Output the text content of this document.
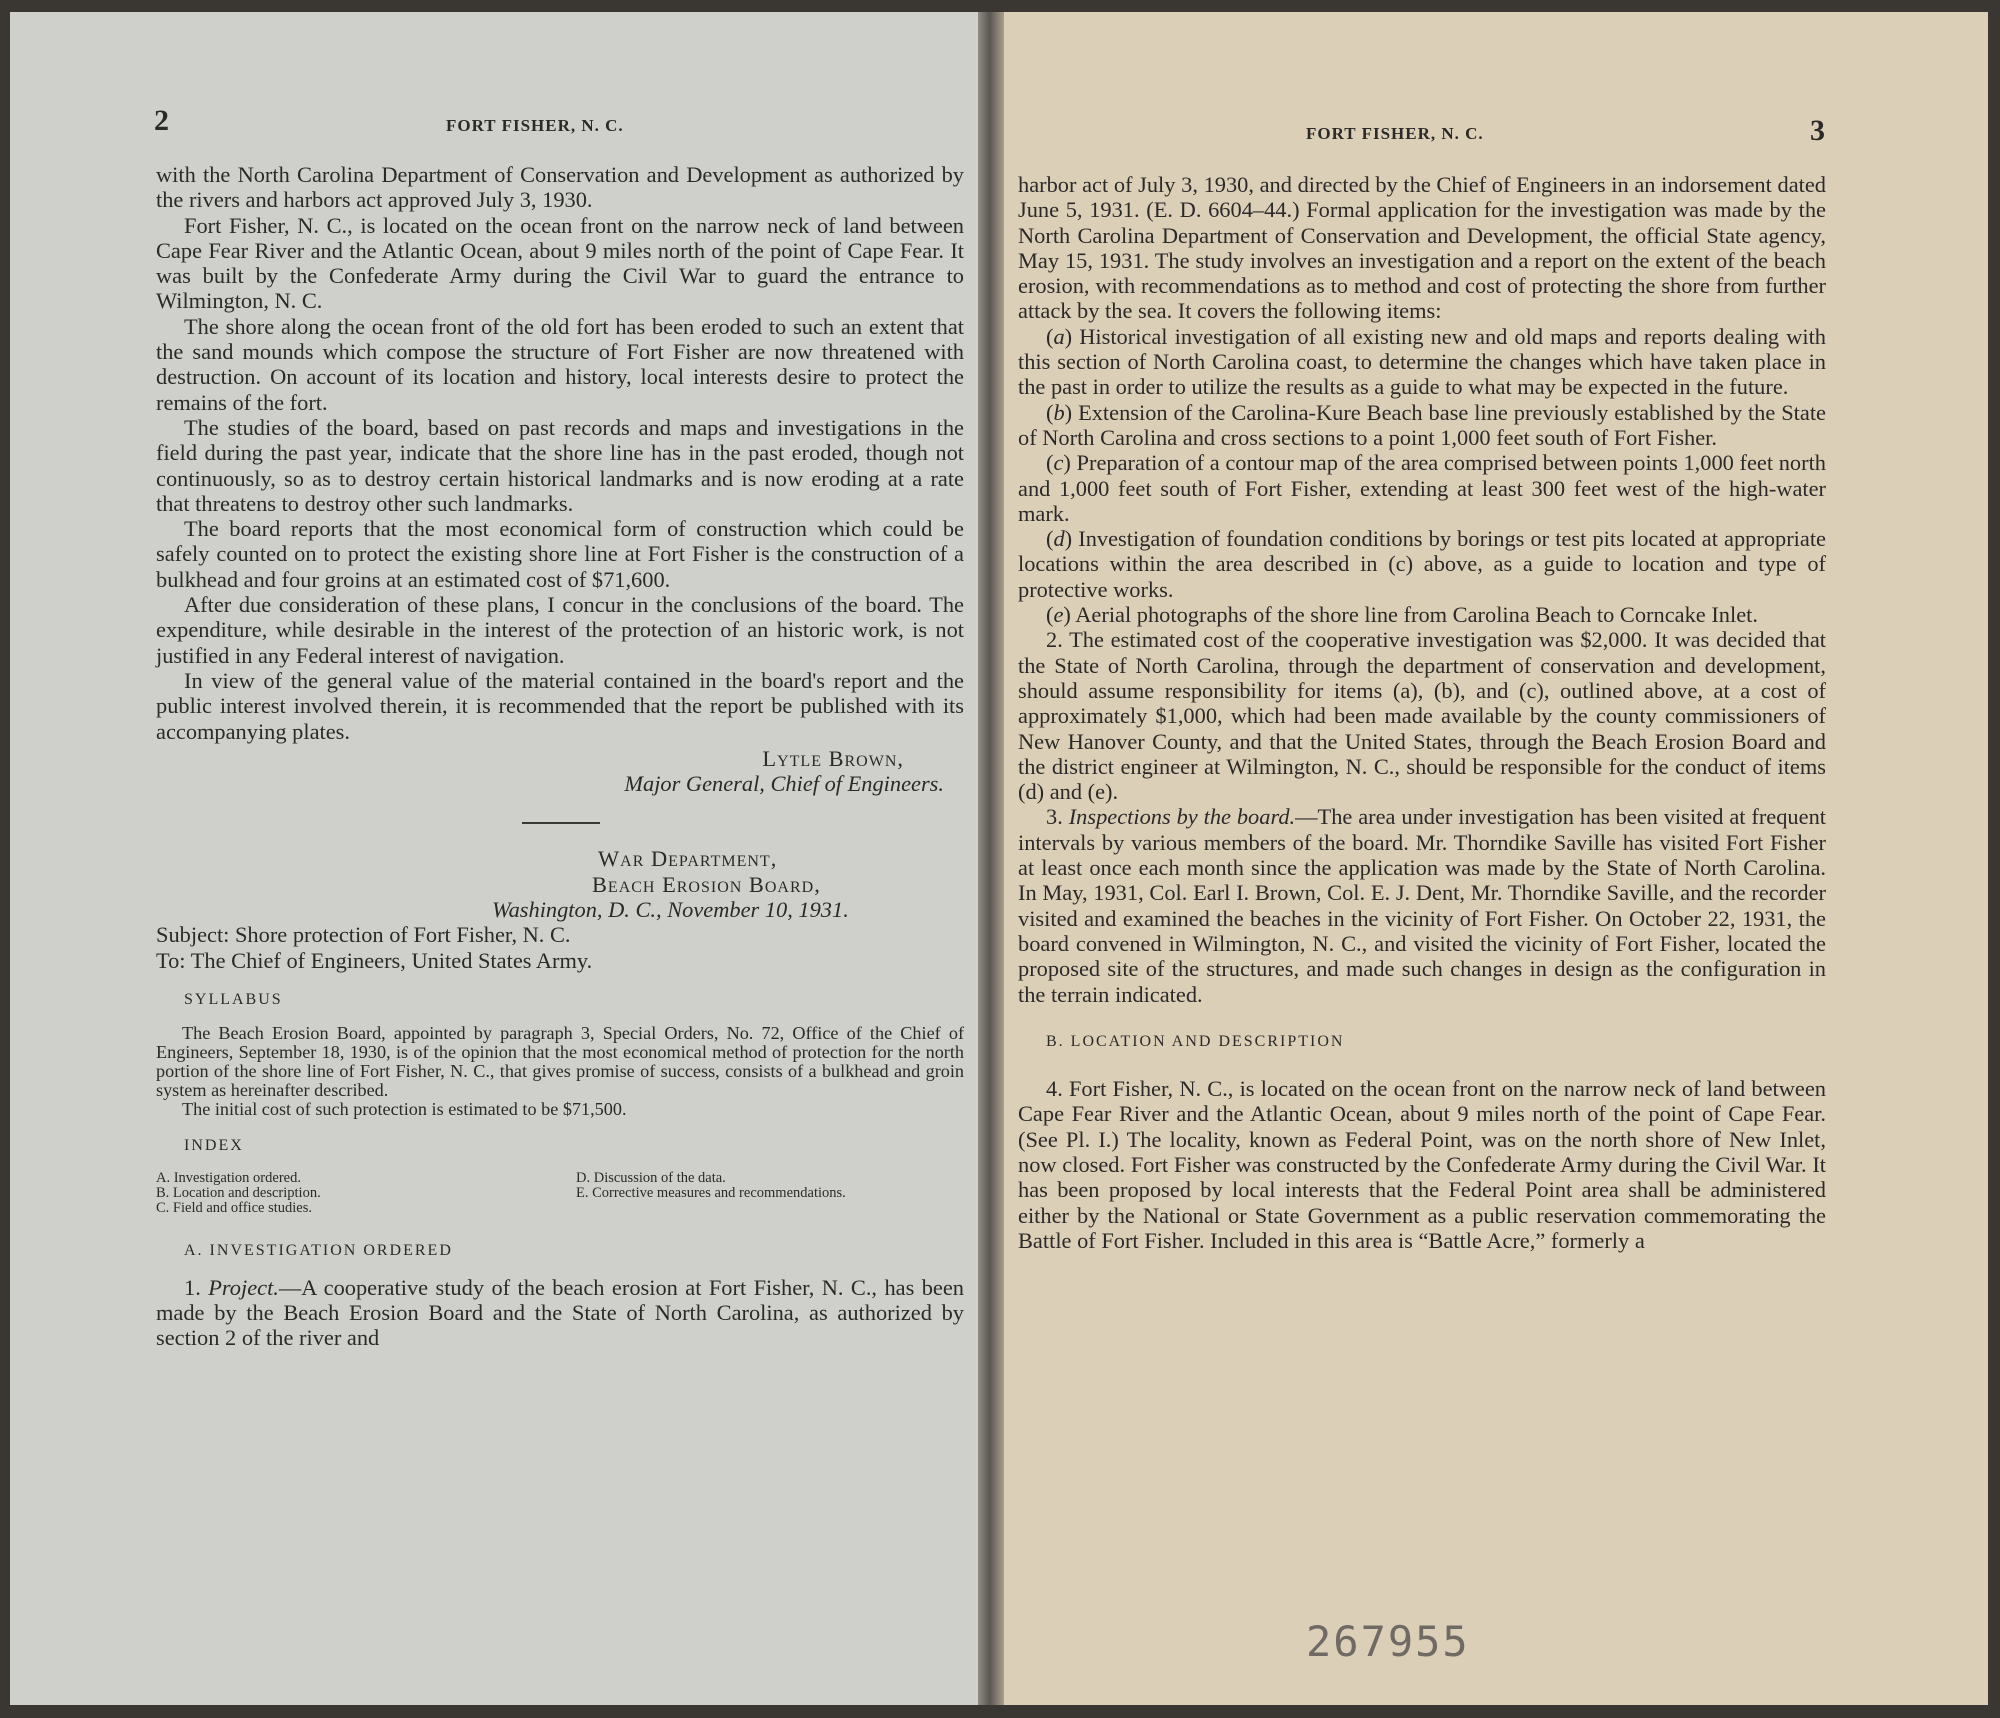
2	FORT FISHER, N. C.

with the North Carolina Department of Conservation and Development as authorized by the rivers and harbors act approved July 3, 1930.

Fort Fisher, N. C., is located on the ocean front on the narrow neck of land between Cape Fear River and the Atlantic Ocean, about 9 miles north of the point of Cape Fear. It was built by the Confederate Army during the Civil War to guard the entrance to Wilmington, N. C.

The shore along the ocean front of the old fort has been eroded to such an extent that the sand mounds which compose the structure of Fort Fisher are now threatened with destruction. On account of its location and history, local interests desire to protect the remains of the fort.

The studies of the board, based on past records and maps and investigations in the field during the past year, indicate that the shore line has in the past eroded, though not continuously, so as to destroy certain historical landmarks and is now eroding at a rate that threatens to destroy other such landmarks.

The board reports that the most economical form of construction which could be safely counted on to protect the existing shore line at Fort Fisher is the construction of a bulkhead and four groins at an estimated cost of $71,600.

After due consideration of these plans, I concur in the conclusions of the board. The expenditure, while desirable in the interest of the protection of an historic work, is not justified in any Federal interest of navigation.

In view of the general value of the material contained in the board's report and the public interest involved therein, it is recommended that the report be published with its accompanying plates.

Lytle Brown,
Major General, Chief of Engineers.
War Department,
Beach Erosion Board,
Washington, D. C., November 10, 1931.
Subject: Shore protection of Fort Fisher, N. C.
To: The Chief of Engineers, United States Army.

SYLLABUS

The Beach Erosion Board, appointed by paragraph 3, Special Orders, No. 72, Office of the Chief of Engineers, September 18, 1930, is of the opinion that the most economical method of protection for the north portion of the shore line of Fort Fisher, N. C., that gives promise of success, consists of a bulkhead and groin system as hereinafter described.

The initial cost of such protection is estimated to be $71,500.

INDEX

A. Investigation ordered.
B. Location and description.
C. Field and office studies.
D. Discussion of the data.
E. Corrective measures and recommendations.

A. INVESTIGATION ORDERED

1. Project.—A cooperative study of the beach erosion at Fort Fisher, N. C., has been made by the Beach Erosion Board and the State of North Carolina, as authorized by section 2 of the river and

FORT FISHER, N. C.	3

harbor act of July 3, 1930, and directed by the Chief of Engineers in an indorsement dated June 5, 1931. (E. D. 6604–44.) Formal application for the investigation was made by the North Carolina Department of Conservation and Development, the official State agency, May 15, 1931. The study involves an investigation and a report on the extent of the beach erosion, with recommendations as to method and cost of protecting the shore from further attack by the sea. It covers the following items:

(a) Historical investigation of all existing new and old maps and reports dealing with this section of North Carolina coast, to determine the changes which have taken place in the past in order to utilize the results as a guide to what may be expected in the future.

(b) Extension of the Carolina-Kure Beach base line previously established by the State of North Carolina and cross sections to a point 1,000 feet south of Fort Fisher.

(c) Preparation of a contour map of the area comprised between points 1,000 feet north and 1,000 feet south of Fort Fisher, extending at least 300 feet west of the high-water mark.

(d) Investigation of foundation conditions by borings or test pits located at appropriate locations within the area described in (c) above, as a guide to location and type of protective works.

(e) Aerial photographs of the shore line from Carolina Beach to Corncake Inlet.

2. The estimated cost of the cooperative investigation was $2,000. It was decided that the State of North Carolina, through the department of conservation and development, should assume responsibility for items (a), (b), and (c), outlined above, at a cost of approximately $1,000, which had been made available by the county commissioners of New Hanover County, and that the United States, through the Beach Erosion Board and the district engineer at Wilmington, N. C., should be responsible for the conduct of items (d) and (e).

3. Inspections by the board.—The area under investigation has been visited at frequent intervals by various members of the board. Mr. Thorndike Saville has visited Fort Fisher at least once each month since the application was made by the State of North Carolina. In May, 1931, Col. Earl I. Brown, Col. E. J. Dent, Mr. Thorndike Saville, and the recorder visited and examined the beaches in the vicinity of Fort Fisher. On October 22, 1931, the board convened in Wilmington, N. C., and visited the vicinity of Fort Fisher, located the proposed site of the structures, and made such changes in design as the configuration in the terrain indicated.

B. LOCATION AND DESCRIPTION

4. Fort Fisher, N. C., is located on the ocean front on the narrow neck of land between Cape Fear River and the Atlantic Ocean, about 9 miles north of the point of Cape Fear. (See Pl. I.) The locality, known as Federal Point, was on the north shore of New Inlet, now closed. Fort Fisher was constructed by the Confederate Army during the Civil War. It has been proposed by local interests that the Federal Point area shall be administered either by the National or State Government as a public reservation commemorating the Battle of Fort Fisher. Included in this area is “Battle Acre,” formerly a

267955
